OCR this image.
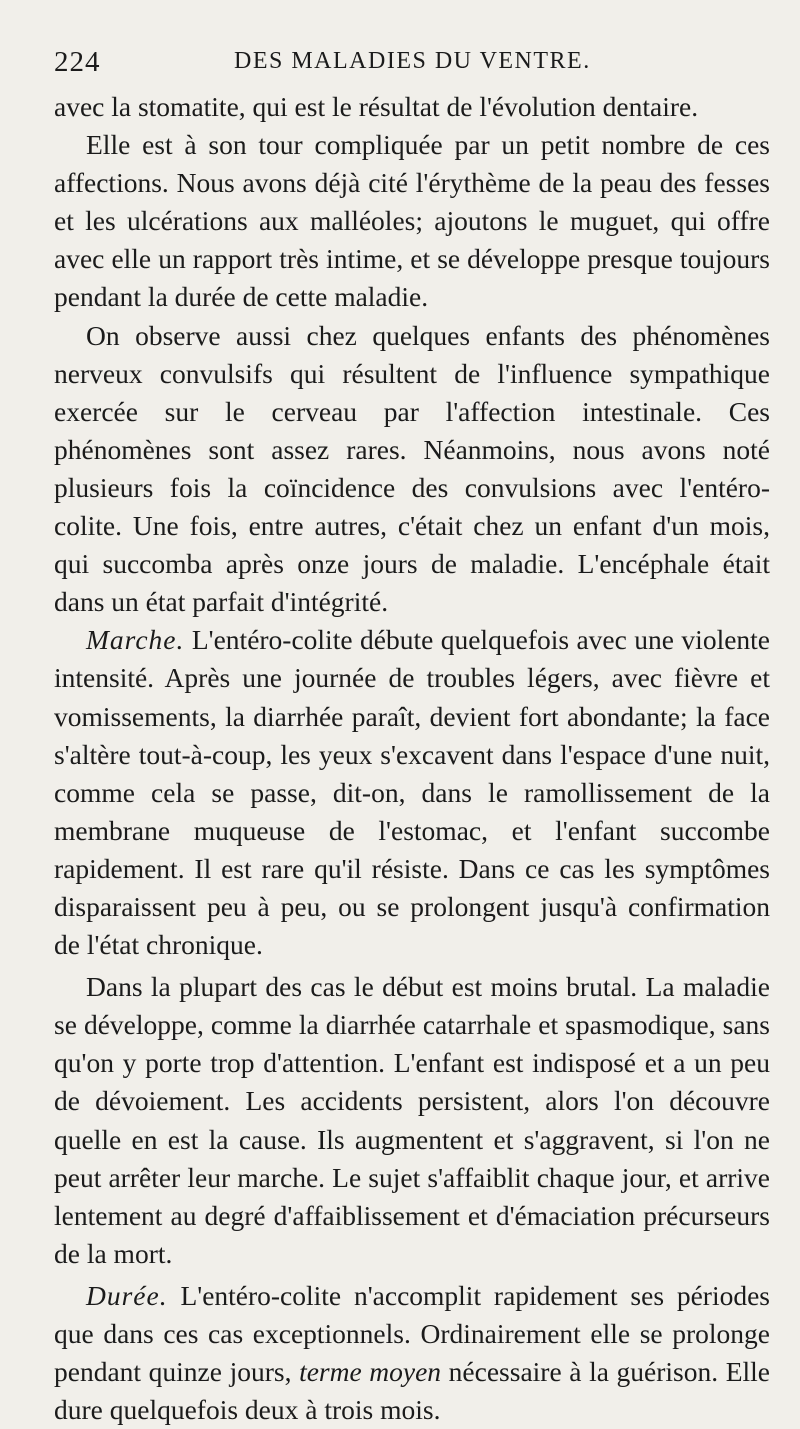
224	DES MALADIES DU VENTRE.

avec la stomatite, qui est le résultat de l'évolution dentaire.

Elle est à son tour compliquée par un petit nombre de ces affections. Nous avons déjà cité l'érythème de la peau des fesses et les ulcérations aux malléoles; ajoutons le muguet, qui offre avec elle un rapport très intime, et se développe presque toujours pendant la durée de cette maladie.

On observe aussi chez quelques enfants des phénomènes nerveux convulsifs qui résultent de l'influence sympathique exercée sur le cerveau par l'affection intestinale. Ces phénomènes sont assez rares. Néanmoins, nous avons noté plusieurs fois la coïncidence des convulsions avec l'entéro-colite. Une fois, entre autres, c'était chez un enfant d'un mois, qui succomba après onze jours de maladie. L'encéphale était dans un état parfait d'intégrité.

Marche. L'entéro-colite débute quelquefois avec une violente intensité. Après une journée de troubles légers, avec fièvre et vomissements, la diarrhée paraît, devient fort abondante; la face s'altère tout-à-coup, les yeux s'excavent dans l'espace d'une nuit, comme cela se passe, dit-on, dans le ramollissement de la membrane muqueuse de l'estomac, et l'enfant succombe rapidement. Il est rare qu'il résiste. Dans ce cas les symptômes disparaissent peu à peu, ou se prolongent jusqu'à confirmation de l'état chronique.

Dans la plupart des cas le début est moins brutal. La maladie se développe, comme la diarrhée catarrhale et spasmodique, sans qu'on y porte trop d'attention. L'enfant est indisposé et a un peu de dévoiement. Les accidents persistent, alors l'on découvre quelle en est la cause. Ils augmentent et s'aggravent, si l'on ne peut arrêter leur marche. Le sujet s'affaiblit chaque jour, et arrive lentement au degré d'affaiblissement et d'émaciation précurseurs de la mort.

Durée. L'entéro-colite n'accomplit rapidement ses périodes que dans ces cas exceptionnels. Ordinairement elle se prolonge pendant quinze jours, terme moyen nécessaire à la guérison. Elle dure quelquefois deux à trois mois.
